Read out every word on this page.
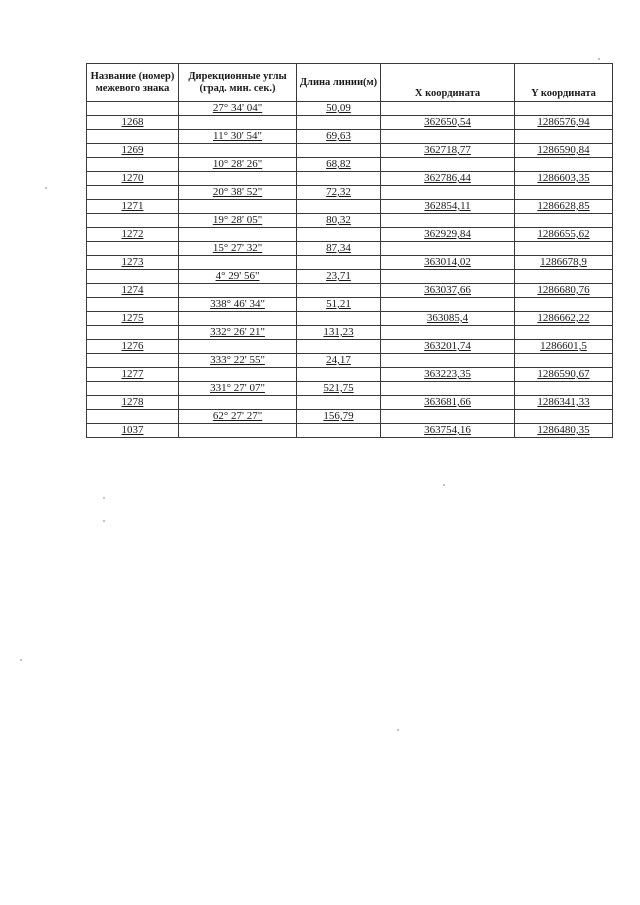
Название (номер) межевого знака	Дирекционные углы (град. мин. сек.)	Длина линии(м)	X координата	Y координата
	27° 34' 04"	50,09		
1268			362650,54	1286576,94
	11° 30' 54"	69,63		
1269			362718,77	1286590,84
	10° 28' 26"	68,82		
1270			362786,44	1286603,35
	20° 38' 52"	72,32		
1271			362854,11	1286628,85
	19° 28' 05"	80,32		
1272			362929,84	1286655,62
	15° 27' 32"	87,34		
1273			363014,02	1286678,9
	4° 29' 56"	23,71		
1274			363037,66	1286680,76
	338° 46' 34"	51,21		
1275			363085,4	1286662,22
	332° 26' 21"	131,23		
1276			363201,74	1286601,5
	333° 22' 55"	24,17		
1277			363223,35	1286590,67
	331° 27' 07"	521,75		
1278			363681,66	1286341,33
	62° 27' 27"	156,79		
1037			363754,16	1286480,35
